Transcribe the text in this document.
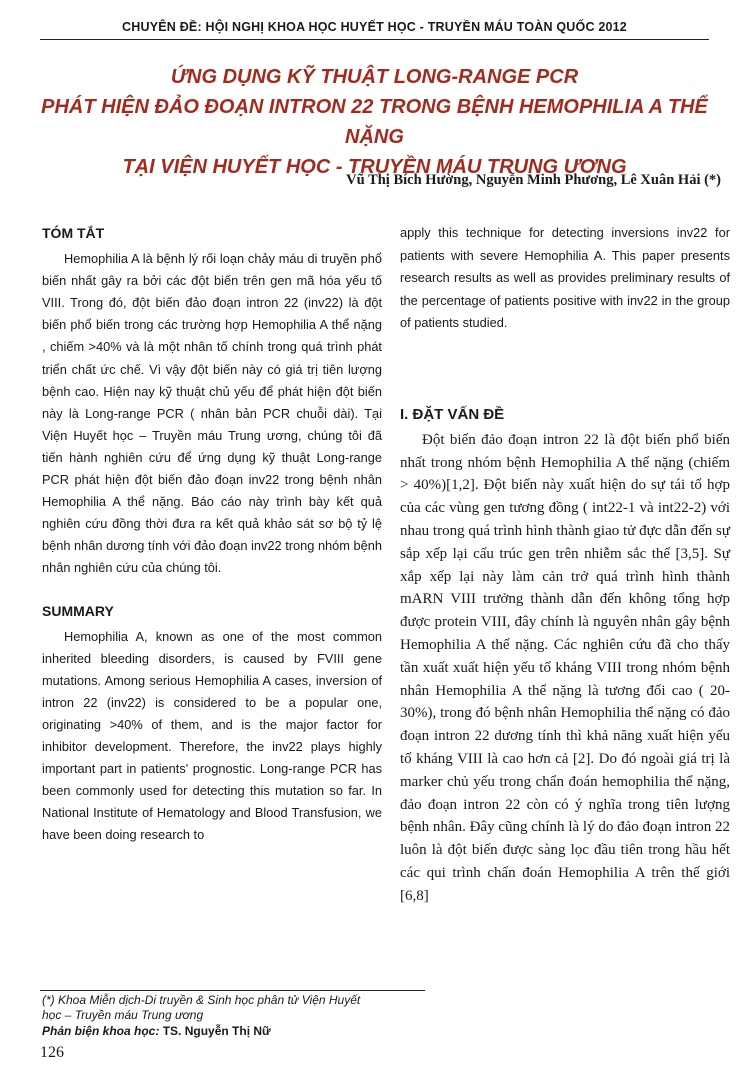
CHUYÊN ĐỀ: HỘI NGHỊ KHOA HỌC HUYẾT HỌC - TRUYỀN MÁU TOÀN QUỐC 2012
ỨNG DỤNG KỸ THUẬT LONG-RANGE PCR
PHÁT HIỆN ĐẢO ĐOẠN INTRON 22 TRONG BỆNH HEMOPHILIA A THỂ NẶNG
TẠI VIỆN HUYẾT HỌC - TRUYỀN MÁU TRUNG ƯƠNG
Vũ Thị Bích Hường, Nguyễn Minh Phương, Lê Xuân Hải (*)
TÓM TẮT
Hemophilia A là bệnh lý rối loạn chảy máu di truyền phổ biến nhất gây ra bởi các đột biến trên gen mã hóa yếu tố VIII. Trong đó, đột biến đảo đoạn intron 22 (inv22) là đột biến phổ biến trong các trường hợp Hemophilia A thể nặng , chiếm >40% và là một nhân tố chính trong quá trình phát triển chất ức chế. Vì vậy đột biến này có giá trị tiên lượng bệnh cao. Hiện nay kỹ thuật chủ yếu để phát hiện đột biến này là Long-range PCR ( nhân bản PCR chuỗi dài). Tại Viện Huyết học – Truyền máu Trung ương, chúng tôi đã tiến hành nghiên cứu để ứng dụng kỹ thuật Long-range PCR phát hiện đột biến đảo đoạn inv22 trong bệnh nhân Hemophilia A thể nặng. Báo cáo này trình bày kết quả nghiên cứu đồng thời đưa ra kết quả khảo sát sơ bộ tỷ lệ bệnh nhân dương tính với đảo đoạn inv22 trong nhóm bệnh nhân nghiên cứu của chúng tôi.
SUMMARY
Hemophilia A, known as one of the most common inherited bleeding disorders, is caused by FVIII gene mutations. Among serious Hemophilia A cases, inversion of intron 22 (inv22) is considered to be a popular one, originating >40% of them, and is the major factor for inhibitor development. Therefore, the inv22 plays highly important part in patients' prognostic. Long-range PCR has been commonly used for detecting this mutation so far. In National Institute of Hematology and Blood Transfusion, we have been doing research to
apply this technique for detecting inversions inv22 for patients with severe Hemophilia A. This paper presents research results as well as provides preliminary results of the percentage of patients positive with inv22 in the group of patients studied.
I. ĐẶT VẤN ĐỀ
Đột biến đảo đoạn intron 22 là đột biến phổ biến nhất trong nhóm bệnh Hemophilia A thể nặng (chiếm > 40%)[1,2]. Đột biến này xuất hiện do sự tái tổ hợp của các vùng gen tương đồng ( int22-1 và int22-2) với nhau trong quá trình hình thành giao tử đực dẫn đến sự sắp xếp lại cấu trúc gen trên nhiễm sắc thể [3,5]. Sự xắp xếp lại này làm cản trở quá trình hình thành mARN VIII trưởng thành dẫn đến không tổng hợp được protein VIII, đây chính là nguyên nhân gây bệnh Hemophilia A thể nặng. Các nghiên cứu đã cho thấy tần xuất xuất hiện yếu tố kháng VIII trong nhóm bệnh nhân Hemophilia A thể nặng là tương đối cao ( 20-30%), trong đó bệnh nhân Hemophilia thể nặng có đảo đoạn intron 22 dương tính thì khả năng xuất hiện yếu tố kháng VIII là cao hơn cả [2]. Do đó ngoài giá trị là marker chủ yếu trong chẩn đoán hemophilia thể nặng, đảo đoạn intron 22 còn có ý nghĩa trong tiên lượng bệnh nhân. Đây cũng chính là lý do đảo đoạn intron 22 luôn là đột biến được sàng lọc đầu tiên trong hầu hết các qui trình chẩn đoán Hemophilia A trên thế giới [6,8]
(*) Khoa Miễn dịch-Di truyền & Sinh học phân tử Viện Huyết học – Truyền máu Trung ương
Phản biện khoa học: TS. Nguyễn Thị Nữ
126
